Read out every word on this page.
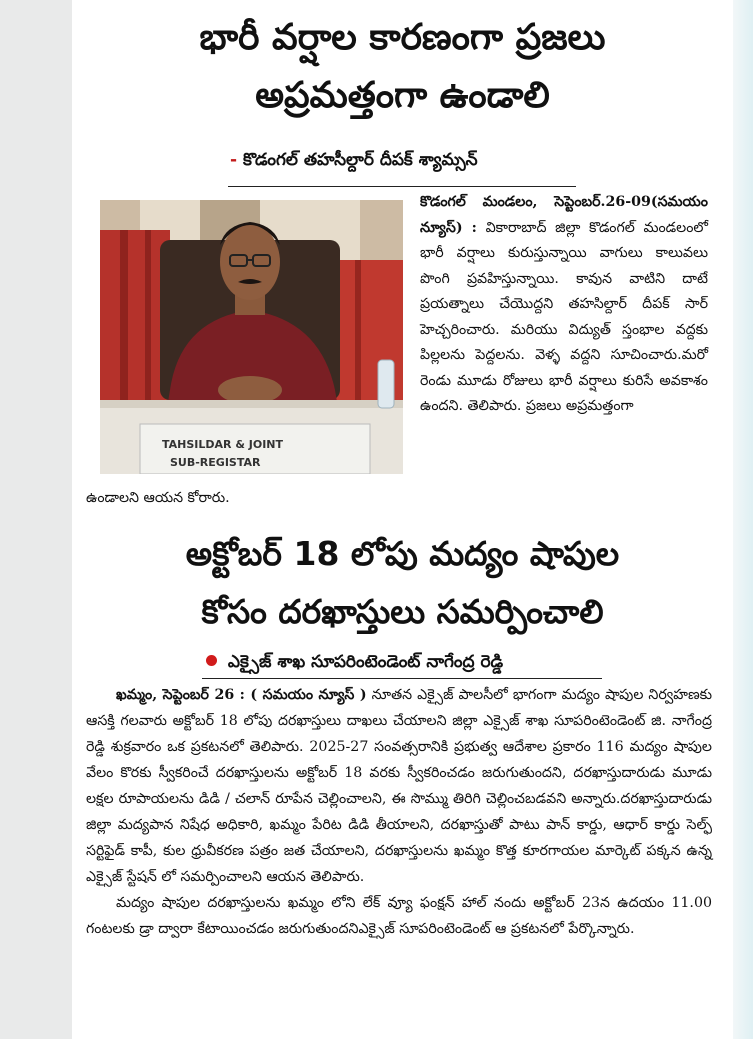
భారీ వర్షాల కారణంగా ప్రజలు
అప్రమత్తంగా ఉండాలి
- కొడంగల్ తహసీల్దార్ దీపక్ శ్యామ్సన్
TAHSILDAR & JOINT
SUB-REGISTAR
కొడంగల్ మండలం, సెప్టెంబర్.26-09(సమయం న్యూస్) : వికారాబాద్ జిల్లా కొడంగల్ మండలంలో భారీ వర్షాలు కురుస్తున్నాయి వాగులు కాలువలు పొంగి ప్రవహిస్తున్నాయి. కావున వాటిని దాటే ప్రయత్నాలు చేయొద్దని తహసిల్దార్ దీపక్ సార్ హెచ్చరించారు. మరియు విద్యుత్ స్తంభాల వద్దకు పిల్లలను పెద్దలను. వెళ్ళ వద్దని సూచించారు.మరో రెండు మూడు రోజులు భారీ వర్షాలు కురిసే అవకాశం ఉందని. తెలిపారు. ప్రజలు అప్రమత్తంగా
ఉండాలని ఆయన కోరారు.
అక్టోబర్ 18 లోపు మద్యం షాపుల
కోసం దరఖాస్తులు సమర్పించాలి
ఎక్సైజ్ శాఖ సూపరింటెండెంట్ నాగేంద్ర రెడ్డి

ఖమ్మం, సెప్టెంబర్ 26 : ( సమయం న్యూస్ ) నూతన ఎక్సైజ్ పాలసీలో భాగంగా మద్యం షాపుల నిర్వహణకు ఆసక్తి గలవారు అక్టోబర్ 18 లోపు దరఖాస్తులు దాఖలు చేయాలని జిల్లా ఎక్సైజ్ శాఖ సూపరింటెండెంట్ జి. నాగేంద్ర రెడ్డి శుక్రవారం ఒక ప్రకటనలో తెలిపారు. 2025-27 సంవత్సరానికి ప్రభుత్వ ఆదేశాల ప్రకారం 116 మద్యం షాపుల వేలం కొరకు స్వీకరించే దరఖాస్తులను అక్టోబర్ 18 వరకు స్వీకరించడం జరుగుతుందని, దరఖాస్తుదారుడు మూడు లక్షల రూపాయలను డిడి / చలాన్ రూపేన చెల్లించాలని, ఈ సొమ్ము తిరిగి చెల్లించబడవని అన్నారు.దరఖాస్తుదారుడు జిల్లా మద్యపాన నిషేధ అధికారి, ఖమ్మం పేరిట డిడి తీయాలని, దరఖాస్తుతో పాటు పాన్ కార్డు, ఆధార్ కార్డు సెల్ఫ్ సర్టిఫైడ్ కాపీ, కుల ధ్రువీకరణ పత్రం జత చేయాలని, దరఖాస్తులను ఖమ్మం కొత్త కూరగాయల మార్కెట్ పక్కన ఉన్న ఎక్సైజ్ స్టేషన్ లో సమర్పించాలని ఆయన తెలిపారు.

మద్యం షాపుల దరఖాస్తులను ఖమ్మం లోని లేక్ వ్యూ ఫంక్షన్ హాల్ నందు అక్టోబర్ 23న ఉదయం 11.00 గంటలకు డ్రా ద్వారా కేటాయించడం జరుగుతుందనిఎక్సైజ్ సూపరింటెండెంట్ ఆ ప్రకటనలో పేర్కొన్నారు.
